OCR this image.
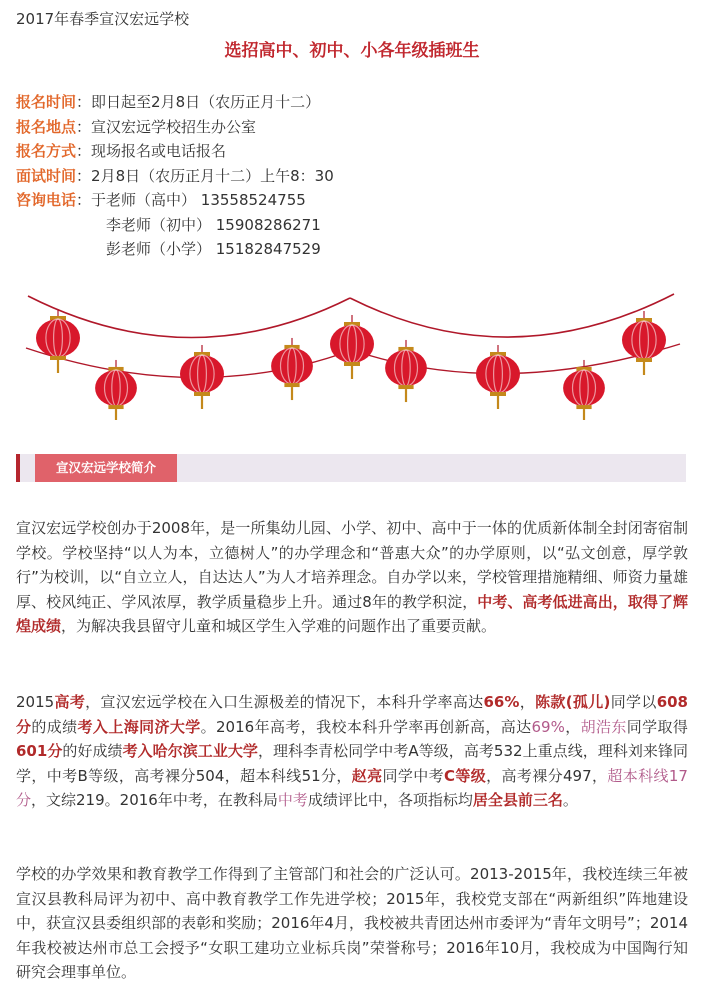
2017年春季宣汉宏远学校
选招高中、初中、小各年级插班生
报名时间：即日起至2月8日（农历正月十二）
报名地点：宣汉宏远学校招生办公室
报名方式：现场报名或电话报名
面试时间：2月8日（农历正月十二）上午8：30
咨询电话：于老师（高中） 13558524755
李老师（初中） 15908286271
彭老师（小学） 15182847529
宣汉宏远学校简介
宣汉宏远学校创办于2008年，是一所集幼儿园、小学、初中、高中于一体的优质新体制全封闭寄宿制学校。学校坚持“以人为本，立德树人”的办学理念和“普惠大众”的办学原则，以“弘文创意，厚学敦行”为校训，以“自立立人，自达达人”为人才培养理念。自办学以来，学校管理措施精细、师资力量雄厚、校风纯正、学风浓厚，教学质量稳步上升。通过8年的教学积淀，中考、高考低进高出，取得了辉煌成绩，为解决我县留守儿童和城区学生入学难的问题作出了重要贡献。
2015高考，宣汉宏远学校在入口生源极差的情况下，本科升学率高达66%，陈款(孤儿)同学以608分的成绩考入上海同济大学。2016年高考，我校本科升学率再创新高，高达69%，胡浩东同学取得601分的好成绩考入哈尔滨工业大学，理科李青松同学中考A等级，高考532上重点线，理科刘来锋同学，中考B等级，高考裸分504，超本科线51分，赵亮同学中考C等级，高考裸分497，超本科线17分，文综219。2016年中考，在教科局中考成绩评比中，各项指标均居全县前三名。
学校的办学效果和教育教学工作得到了主管部门和社会的广泛认可。2013-2015年，我校连续三年被宣汉县教科局评为初中、高中教育教学工作先进学校；2015年，我校党支部在“两新组织”阵地建设中，获宣汉县委组织部的表彰和奖励；2016年4月，我校被共青团达州市委评为“青年文明号”；2014年我校被达州市总工会授予“女职工建功立业标兵岗”荣誉称号；2016年10月，我校成为中国陶行知研究会理事单位。
